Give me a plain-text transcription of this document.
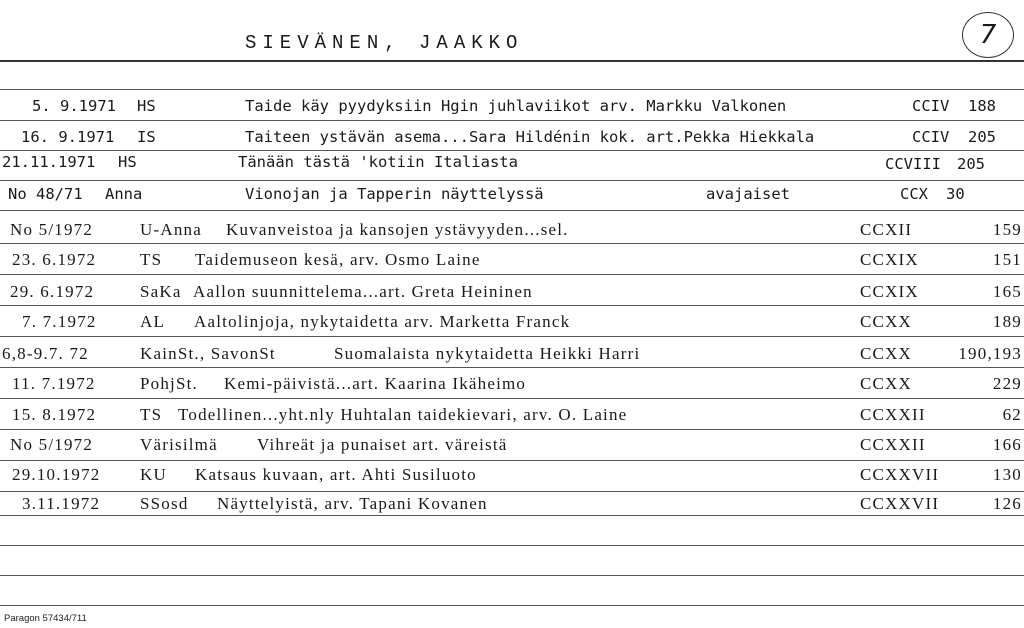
SIEVÄNEN, JAAKKO	7
5. 9.1971 HS	Taide käy pyydyksiin Hgin juhlaviikot arv. Markku Valkonen	CCIV 188
16. 9.1971 IS	Taiteen ystävän asema...Sara Hildénin kok. art.Pekka Hiekkala	CCIV 205
21.11.1971 HS	Tänään tästä 'kotiin Italiasta	CCVIII 205
No 48/71 Anna	Vionojan ja Tapperin näyttelyssä	avajaiset	CCX 30
No 5/1972	U-Anna Kuvanveistoa ja kansojen ystävyyden...sel.	CCXII	159
23. 6.1972	TS Taidemuseon kesä, arv. Osmo Laine	CCXIX	151
29. 6.1972	SaKa Aallon suunnittelema...art. Greta Heininen	CCXIX	165
7. 7.1972	AL Aaltolinjoja, nykytaidetta arv. Marketta Franck	CCXX	189
6,8-9.7. 72	KainSt., SavonSt	Suomalaista nykytaidetta Heikki Harri	CCXX	190,193
11. 7.1972	PohjSt. Kemi-päivistä...art. Kaarina Ikäheimo	CCXX	229
15. 8.1972	TS Todellinen...yht.nly Huhtalan taidekievari, arv. O. Laine	CCXXII	62
No 5/1972	Värisilmä Vihreät ja punaiset art. väreistä	CCXXII	166
29.10.1972 KU Katsaus kuvaan, art. Ahti Susiluoto	CCXXVII	130
3.11.1972 SSosd Näyttelyistä, arv. Tapani Kovanen	CCXXVII	126
Paragon 57434/711
